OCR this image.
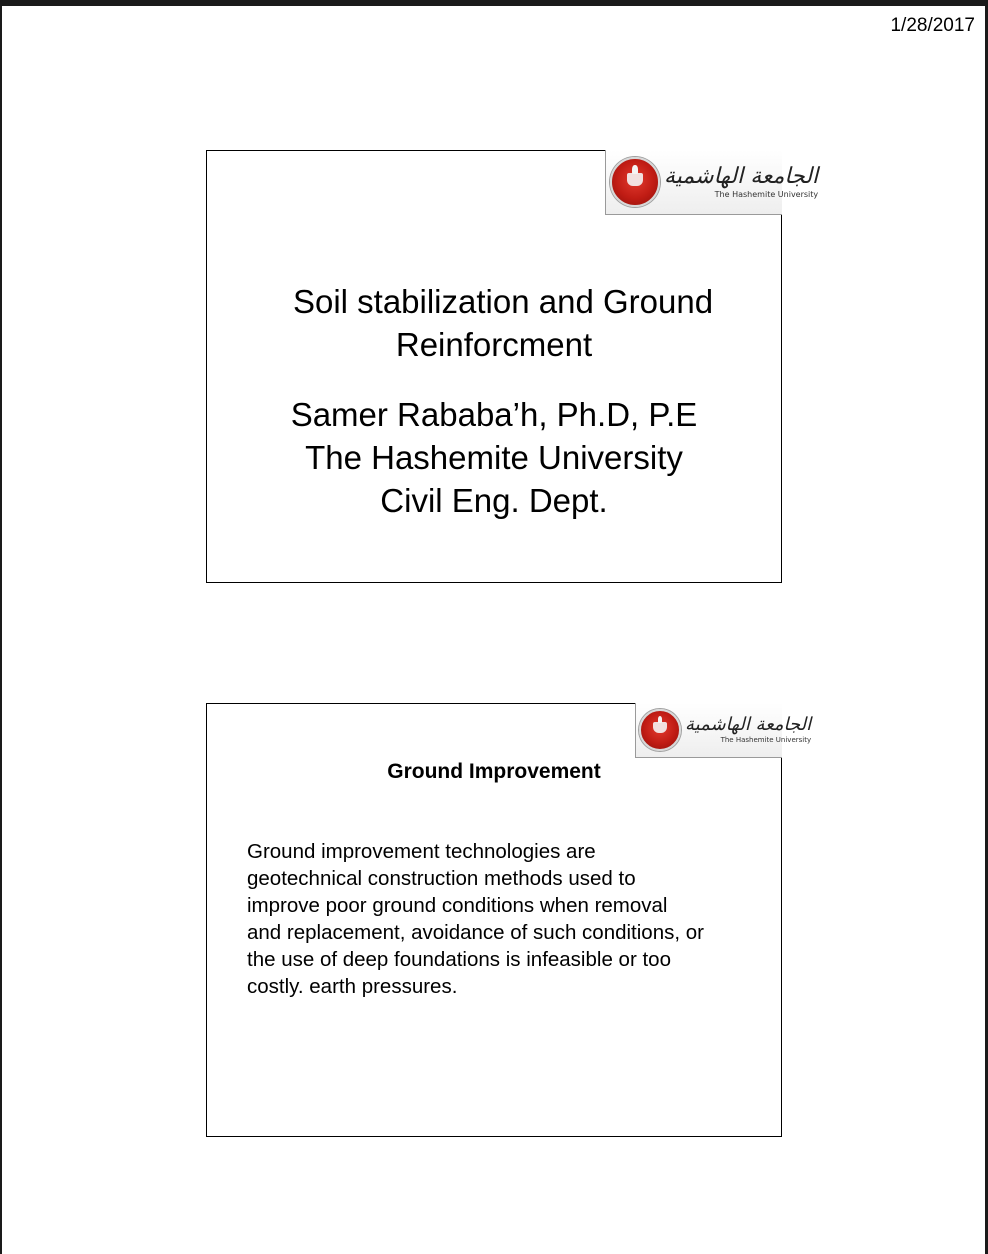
1/28/2017
الجامعة الهاشمية
The Hashemite University
Soil stabilization and Ground
Reinforcment
Samer Rababa’h, Ph.D, P.E
The Hashemite University
Civil Eng. Dept.
الجامعة الهاشمية
The Hashemite University
Ground Improvement
Ground improvement technologies are geotechnical construction methods used to improve poor ground conditions when removal and replacement, avoidance of such conditions, or the use of deep foundations is infeasible or too costly. earth pressures.
